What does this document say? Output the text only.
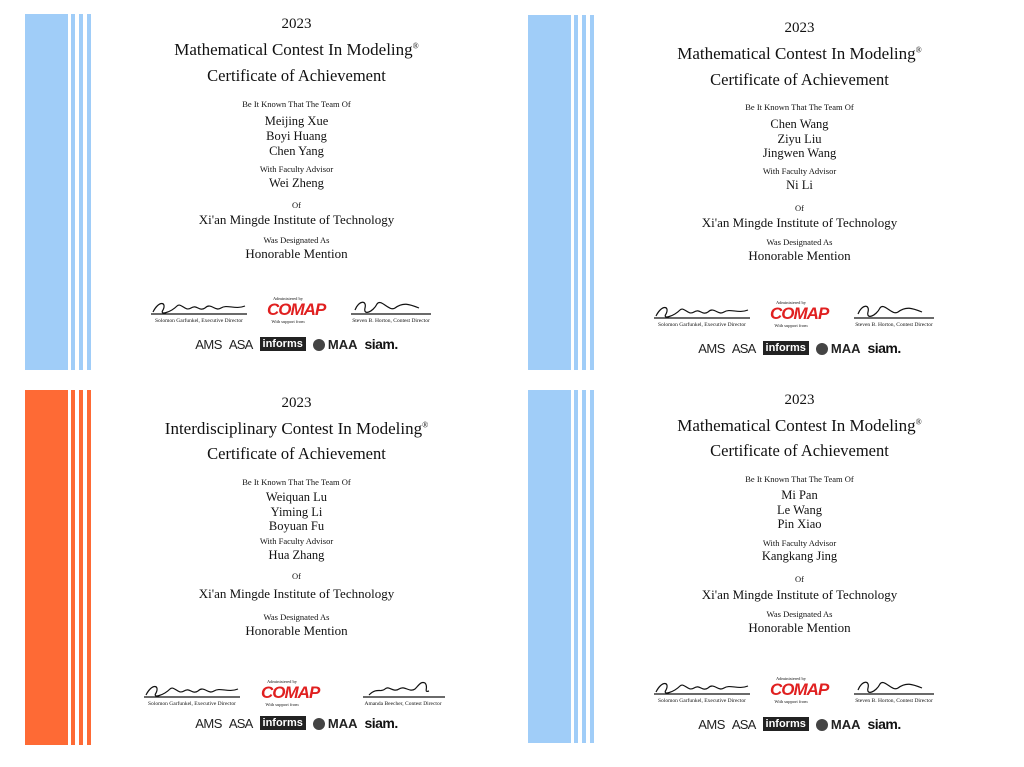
2023
Mathematical Contest In Modeling®
Certificate of Achievement
Be It Known That The Team Of
Meijing Xue
Boyi Huang
Chen Yang
With Faculty Advisor
Wei Zheng
Of
Xi'an Mingde Institute of Technology
Was Designated As
Honorable Mention
Solomon Garfunkel, Executive Director
Administered by
COMAP
With support from	Steven B. Horton, Contest Director
AMS ASA informs	MAA siam.
2023
Mathematical Contest In Modeling®
Certificate of Achievement
Be It Known That The Team Of
Chen Wang
Ziyu Liu
Jingwen Wang
With Faculty Advisor
Ni Li
Of
Xi'an Mingde Institute of Technology
Was Designated As
Honorable Mention
Solomon Garfunkel, Executive Director
Administered by
COMAP
With support from	Steven B. Horton, Contest Director
AMS ASA informs	MAA siam.
2023
Interdisciplinary Contest In Modeling®
Certificate of Achievement
Be It Known That The Team Of
Weiquan Lu
Yiming Li
Boyuan Fu
With Faculty Advisor
Hua Zhang
Of
Xi'an Mingde Institute of Technology
Was Designated As
Honorable Mention
Solomon Garfunkel, Executive Director
Administered by
COMAP
With support from	Amanda Beecher, Contest Director
AMS ASA informs	MAA siam.
2023
Mathematical Contest In Modeling®
Certificate of Achievement
Be It Known That The Team Of
Mi Pan
Le Wang
Pin Xiao
With Faculty Advisor
Kangkang Jing
Of
Xi'an Mingde Institute of Technology
Was Designated As
Honorable Mention
Solomon Garfunkel, Executive Director
Administered by
COMAP
With support from	Steven B. Horton, Contest Director
AMS ASA informs	MAA siam.
